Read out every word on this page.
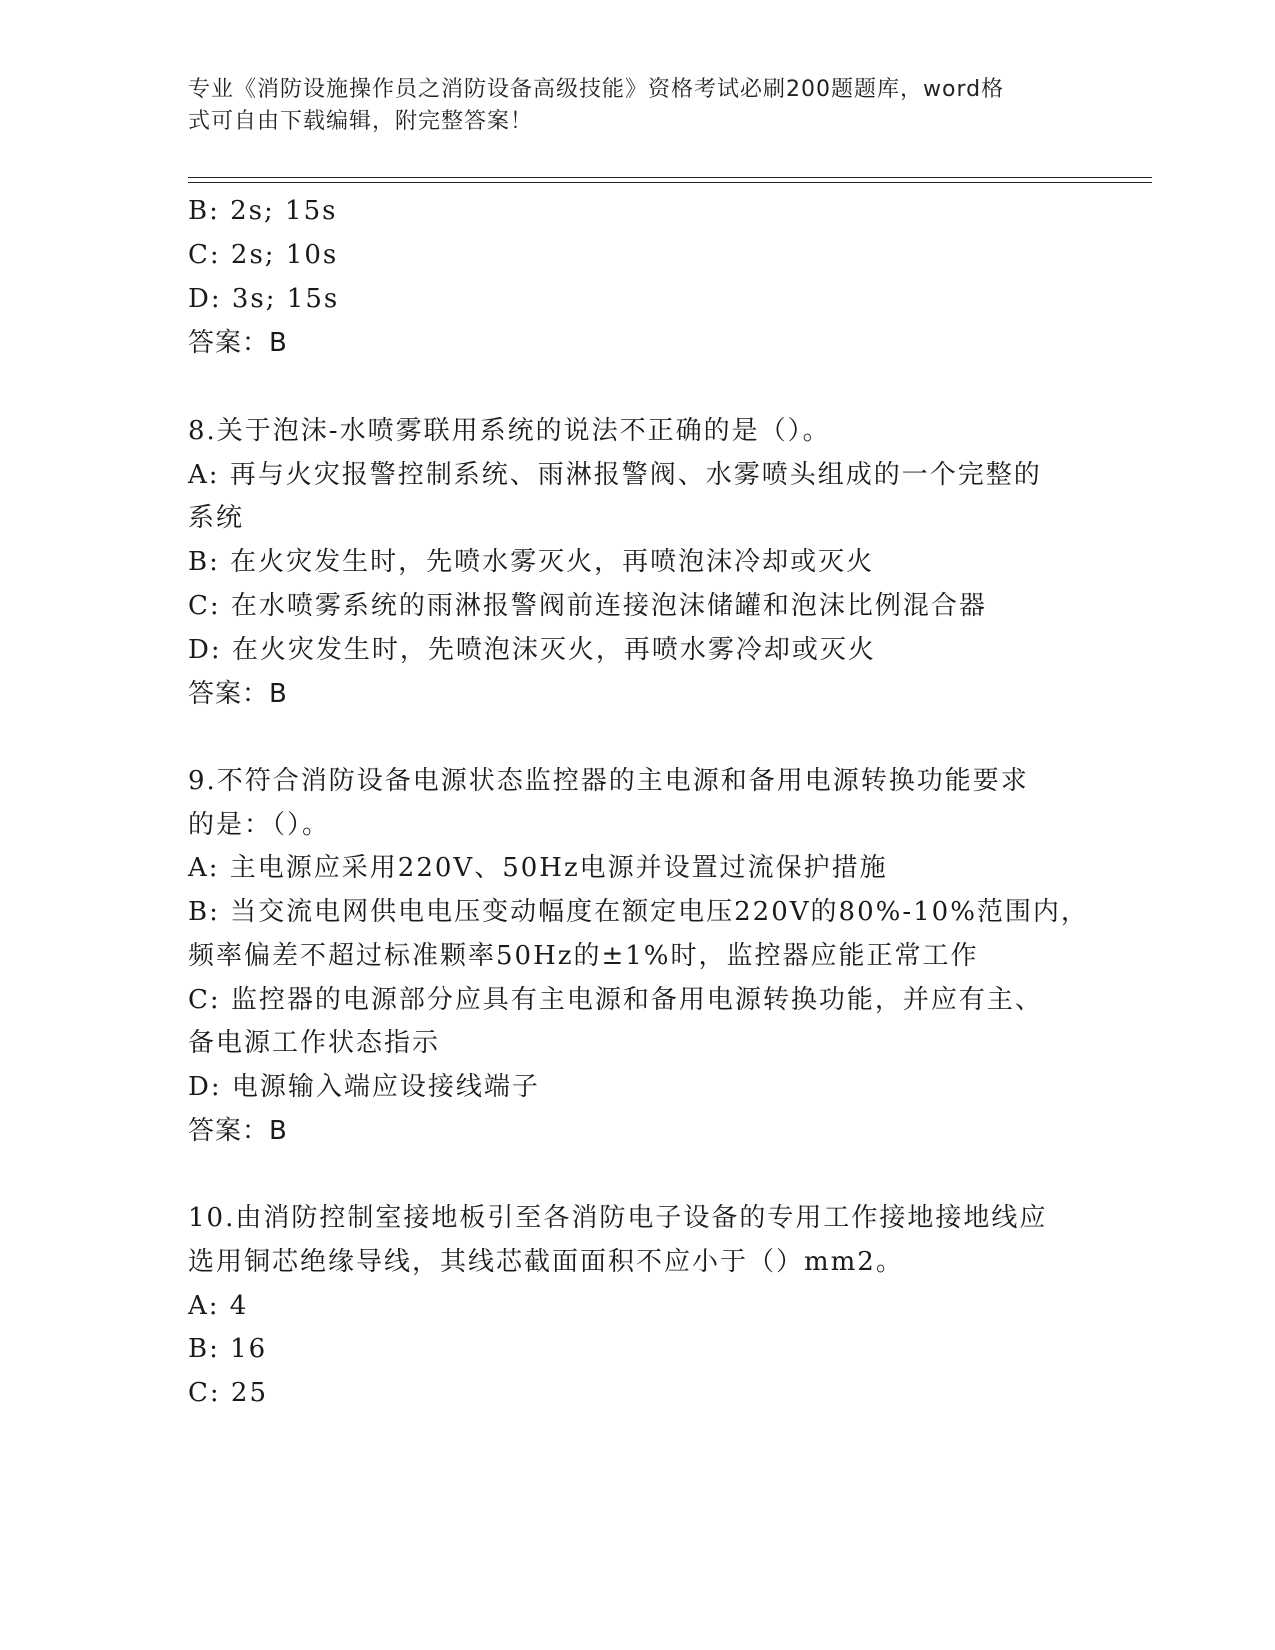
专业《消防设施操作员之消防设备高级技能》资格考试必刷200题题库，word格
式可自由下载编辑，附完整答案！
B: 2s; 15s
C: 2s; 10s
D: 3s; 15s
答案：B
8.关于泡沫-水喷雾联用系统的说法不正确的是（）。
A: 再与火灾报警控制系统、雨淋报警阀、水雾喷头组成的一个完整的
系统
B: 在火灾发生时，先喷水雾灭火，再喷泡沫冷却或灭火
C: 在水喷雾系统的雨淋报警阀前连接泡沫储罐和泡沫比例混合器
D: 在火灾发生时，先喷泡沫灭火，再喷水雾冷却或灭火
答案：B
9.不符合消防设备电源状态监控器的主电源和备用电源转换功能要求
的是：（）。
A: 主电源应采用220V、50Hz电源并设置过流保护措施
B: 当交流电网供电电压变动幅度在额定电压220V的80%-10%范围内，
频率偏差不超过标准颗率50Hz的±1%时，监控器应能正常工作
C: 监控器的电源部分应具有主电源和备用电源转换功能，并应有主、
备电源工作状态指示
D: 电源输入端应设接线端子
答案：B
10.由消防控制室接地板引至各消防电子设备的专用工作接地接地线应
选用铜芯绝缘导线，其线芯截面面积不应小于（）mm2。
A: 4
B: 16
C: 25
